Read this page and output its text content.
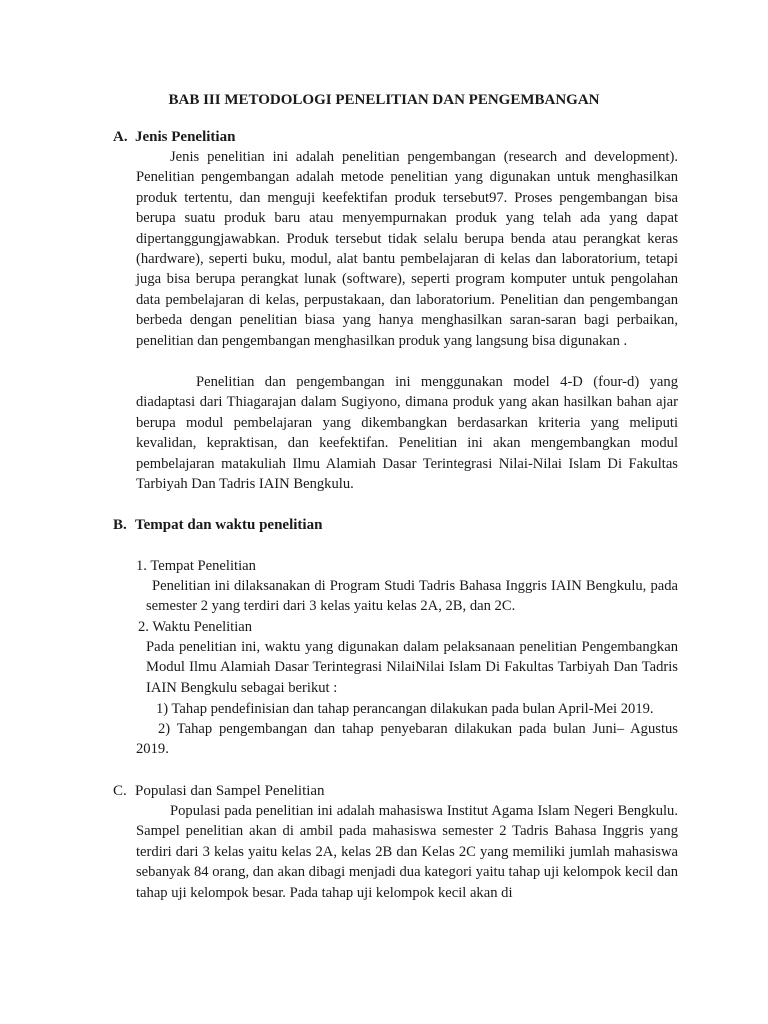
BAB III METODOLOGI PENELITIAN DAN PENGEMBANGAN
A. Jenis Penelitian

Jenis penelitian ini adalah penelitian pengembangan (research and development). Penelitian pengembangan adalah metode penelitian yang digunakan untuk menghasilkan produk tertentu, dan menguji keefektifan produk tersebut97. Proses pengembangan bisa berupa suatu produk baru atau menyempurnakan produk yang telah ada yang dapat dipertanggungjawabkan. Produk tersebut tidak selalu berupa benda atau perangkat keras (hardware), seperti buku, modul, alat bantu pembelajaran di kelas dan laboratorium, tetapi juga bisa berupa perangkat lunak (software), seperti program komputer untuk pengolahan data pembelajaran di kelas, perpustakaan, dan laboratorium. Penelitian dan pengembangan berbeda dengan penelitian biasa yang hanya menghasilkan saran-saran bagi perbaikan, penelitian dan pengembangan menghasilkan produk yang langsung bisa digunakan .

Penelitian dan pengembangan ini menggunakan model 4-D (four-d) yang diadaptasi dari Thiagarajan dalam Sugiyono, dimana produk yang akan hasilkan bahan ajar berupa modul pembelajaran yang dikembangkan berdasarkan kriteria yang meliputi kevalidan, kepraktisan, dan keefektifan. Penelitian ini akan mengembangkan modul pembelajaran matakuliah Ilmu Alamiah Dasar Terintegrasi Nilai-Nilai Islam Di Fakultas Tarbiyah Dan Tadris IAIN Bengkulu.

B. Tempat dan waktu penelitian

1. Tempat Penelitian

Penelitian ini dilaksanakan di Program Studi Tadris Bahasa Inggris IAIN Bengkulu, pada semester 2 yang terdiri dari 3 kelas yaitu kelas 2A, 2B, dan 2C.

2. Waktu Penelitian

Pada penelitian ini, waktu yang digunakan dalam pelaksanaan penelitian Pengembangkan Modul Ilmu Alamiah Dasar Terintegrasi NilaiNilai Islam Di Fakultas Tarbiyah Dan Tadris IAIN Bengkulu sebagai berikut :

1) Tahap pendefinisian dan tahap perancangan dilakukan pada bulan April-Mei 2019.

2) Tahap pengembangan dan tahap penyebaran dilakukan pada bulan Juni– Agustus 2019.

C. Populasi dan Sampel Penelitian

Populasi pada penelitian ini adalah mahasiswa Institut Agama Islam Negeri Bengkulu. Sampel penelitian akan di ambil pada mahasiswa semester 2 Tadris Bahasa Inggris yang terdiri dari 3 kelas yaitu kelas 2A, kelas 2B dan Kelas 2C yang memiliki jumlah mahasiswa sebanyak 84 orang, dan akan dibagi menjadi dua kategori yaitu tahap uji kelompok kecil dan tahap uji kelompok besar. Pada tahap uji kelompok kecil akan di
